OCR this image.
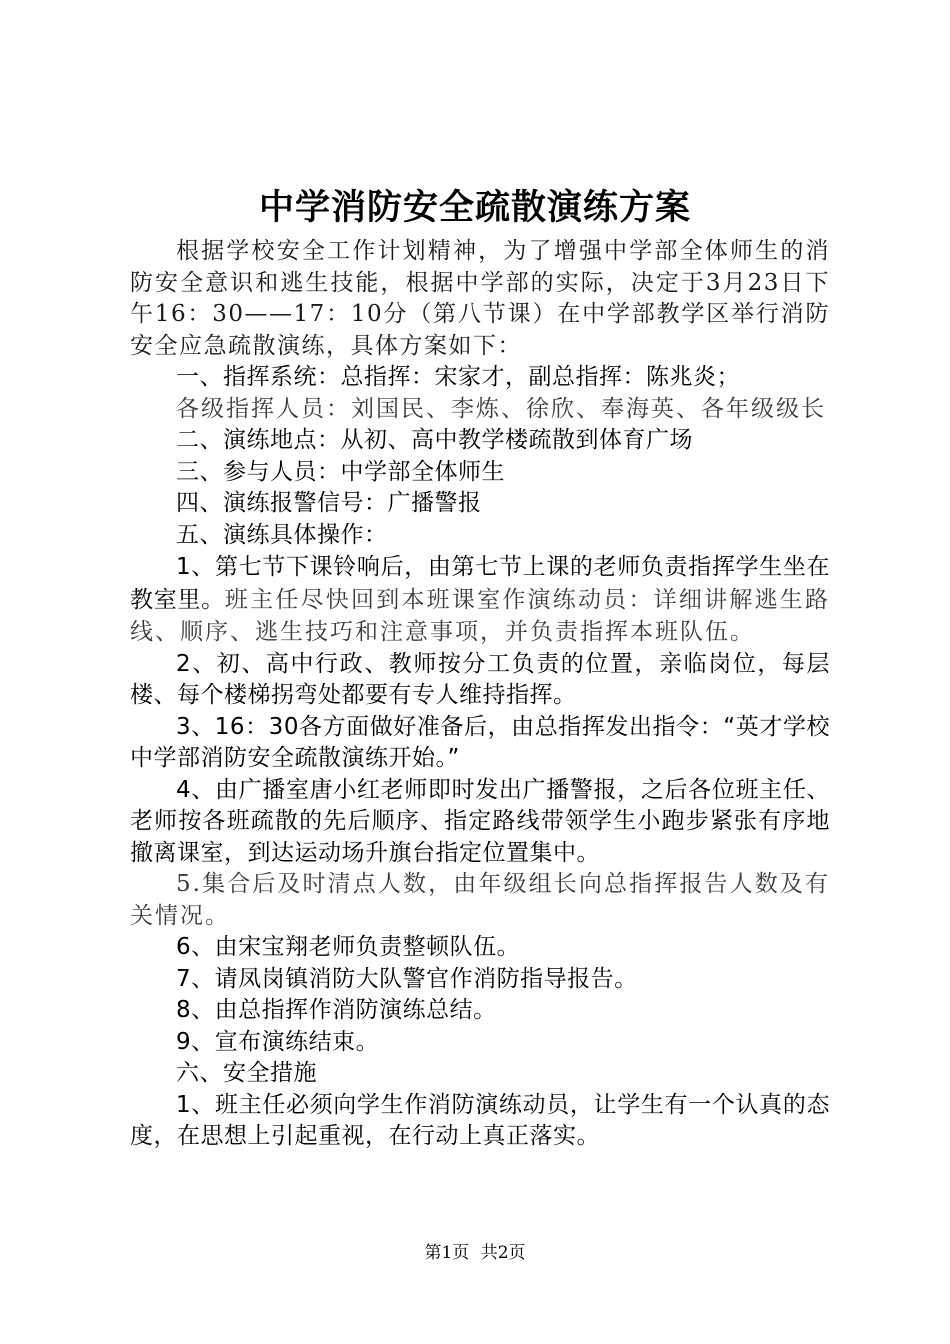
中学消防安全疏散演练方案

根据学校安全工作计划精神，为了增强中学部全体师生的消防安全意识和逃生技能，根据中学部的实际，决定于3月23日下午16：30——17：10分（第八节课）在中学部教学区举行消防安全应急疏散演练，具体方案如下：

一、指挥系统：总指挥：宋家才，副总指挥：陈兆炎；

各级指挥人员：刘国民、李炼、徐欣、奉海英、各年级级长

二、演练地点：从初、高中教学楼疏散到体育广场

三、参与人员：中学部全体师生

四、演练报警信号：广播警报

五、演练具体操作：

1、第七节下课铃响后，由第七节上课的老师负责指挥学生坐在教室里。班主任尽快回到本班课室作演练动员：详细讲解逃生路线、顺序、逃生技巧和注意事项，并负责指挥本班队伍。

2、初、高中行政、教师按分工负责的位置，亲临岗位，每层楼、每个楼梯拐弯处都要有专人维持指挥。

3、16：30各方面做好准备后，由总指挥发出指令：“英才学校中学部消防安全疏散演练开始。”

4、由广播室唐小红老师即时发出广播警报，之后各位班主任、老师按各班疏散的先后顺序、指定路线带领学生小跑步紧张有序地撤离课室，到达运动场升旗台指定位置集中。

5.集合后及时清点人数，由年级组长向总指挥报告人数及有关情况。

6、由宋宝翔老师负责整顿队伍。

7、请凤岗镇消防大队警官作消防指导报告。

8、由总指挥作消防演练总结。

9、宣布演练结束。

六、安全措施

1、班主任必须向学生作消防演练动员，让学生有一个认真的态度，在思想上引起重视，在行动上真正落实。

第1页 共2页
